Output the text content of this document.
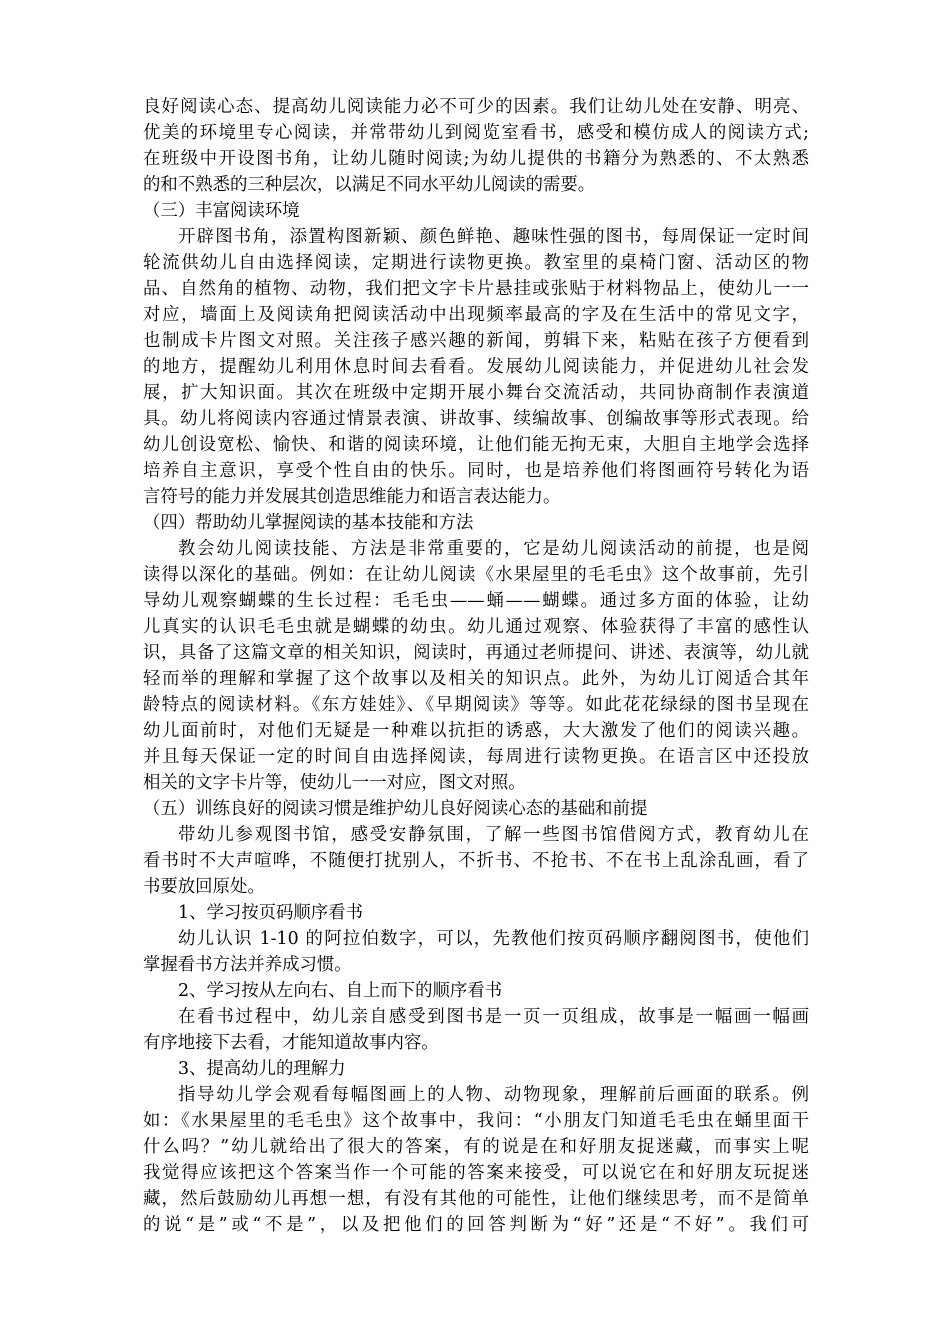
良好阅读心态、提高幼儿阅读能力必不可少的因素。我们让幼儿处在安静、明亮、
优美的环境里专心阅读，并常带幼儿到阅览室看书，感受和模仿成人的阅读方式;
在班级中开设图书角，让幼儿随时阅读;为幼儿提供的书籍分为熟悉的、不太熟悉
的和不熟悉的三种层次，以满足不同水平幼儿阅读的需要。
（三）丰富阅读环境
开辟图书角，添置构图新颖、颜色鲜艳、趣味性强的图书，每周保证一定时间
轮流供幼儿自由选择阅读，定期进行读物更换。教室里的桌椅门窗、活动区的物
品、自然角的植物、动物，我们把文字卡片悬挂或张贴于材料物品上，使幼儿一一
对应，墙面上及阅读角把阅读活动中出现频率最高的字及在生活中的常见文字，
也制成卡片图文对照。关注孩子感兴趣的新闻，剪辑下来，粘贴在孩子方便看到
的地方，提醒幼儿利用休息时间去看看。发展幼儿阅读能力，并促进幼儿社会发
展，扩大知识面。其次在班级中定期开展小舞台交流活动，共同协商制作表演道
具。幼儿将阅读内容通过情景表演、讲故事、续编故事、创编故事等形式表现。给
幼儿创设宽松、愉快、和谐的阅读环境，让他们能无拘无束，大胆自主地学会选择
培养自主意识，享受个性自由的快乐。同时，也是培养他们将图画符号转化为语
言符号的能力并发展其创造思维能力和语言表达能力。
（四）帮助幼儿掌握阅读的基本技能和方法
教会幼儿阅读技能、方法是非常重要的，它是幼儿阅读活动的前提，也是阅
读得以深化的基础。例如：在让幼儿阅读《水果屋里的毛毛虫》这个故事前，先引
导幼儿观察蝴蝶的生长过程：毛毛虫——蛹——蝴蝶。通过多方面的体验，让幼
儿真实的认识毛毛虫就是蝴蝶的幼虫。幼儿通过观察、体验获得了丰富的感性认
识，具备了这篇文章的相关知识，阅读时，再通过老师提问、讲述、表演等，幼儿就
轻而举的理解和掌握了这个故事以及相关的知识点。此外，为幼儿订阅适合其年
龄特点的阅读材料。《东方娃娃》、《早期阅读》等等。如此花花绿绿的图书呈现在
幼儿面前时，对他们无疑是一种难以抗拒的诱惑，大大激发了他们的阅读兴趣。
并且每天保证一定的时间自由选择阅读，每周进行读物更换。在语言区中还投放
相关的文字卡片等，使幼儿一一对应，图文对照。
（五）训练良好的阅读习惯是维护幼儿良好阅读心态的基础和前提
带幼儿参观图书馆，感受安静氛围，了解一些图书馆借阅方式，教育幼儿在
看书时不大声喧哗，不随便打扰别人，不折书、不抢书、不在书上乱涂乱画，看了
书要放回原处。
1、学习按页码顺序看书
幼儿认识 1-10 的阿拉伯数字，可以，先教他们按页码顺序翻阅图书，使他们
掌握看书方法并养成习惯。
2、学习按从左向右、自上而下的顺序看书
在看书过程中，幼儿亲自感受到图书是一页一页组成，故事是一幅画一幅画
有序地接下去看，才能知道故事内容。
3、提高幼儿的理解力
指导幼儿学会观看每幅图画上的人物、动物现象，理解前后画面的联系。例
如：《水果屋里的毛毛虫》这个故事中，我问：“小朋友门知道毛毛虫在蛹里面干
什么吗？”幼儿就给出了很大的答案，有的说是在和好朋友捉迷藏，而事实上呢
我觉得应该把这个答案当作一个可能的答案来接受，可以说它在和好朋友玩捉迷
藏，然后鼓励幼儿再想一想，有没有其他的可能性，让他们继续思考，而不是简单
的说“是”或“不是”，以及把他们的回答判断为“好”还是“不好”。我们可
